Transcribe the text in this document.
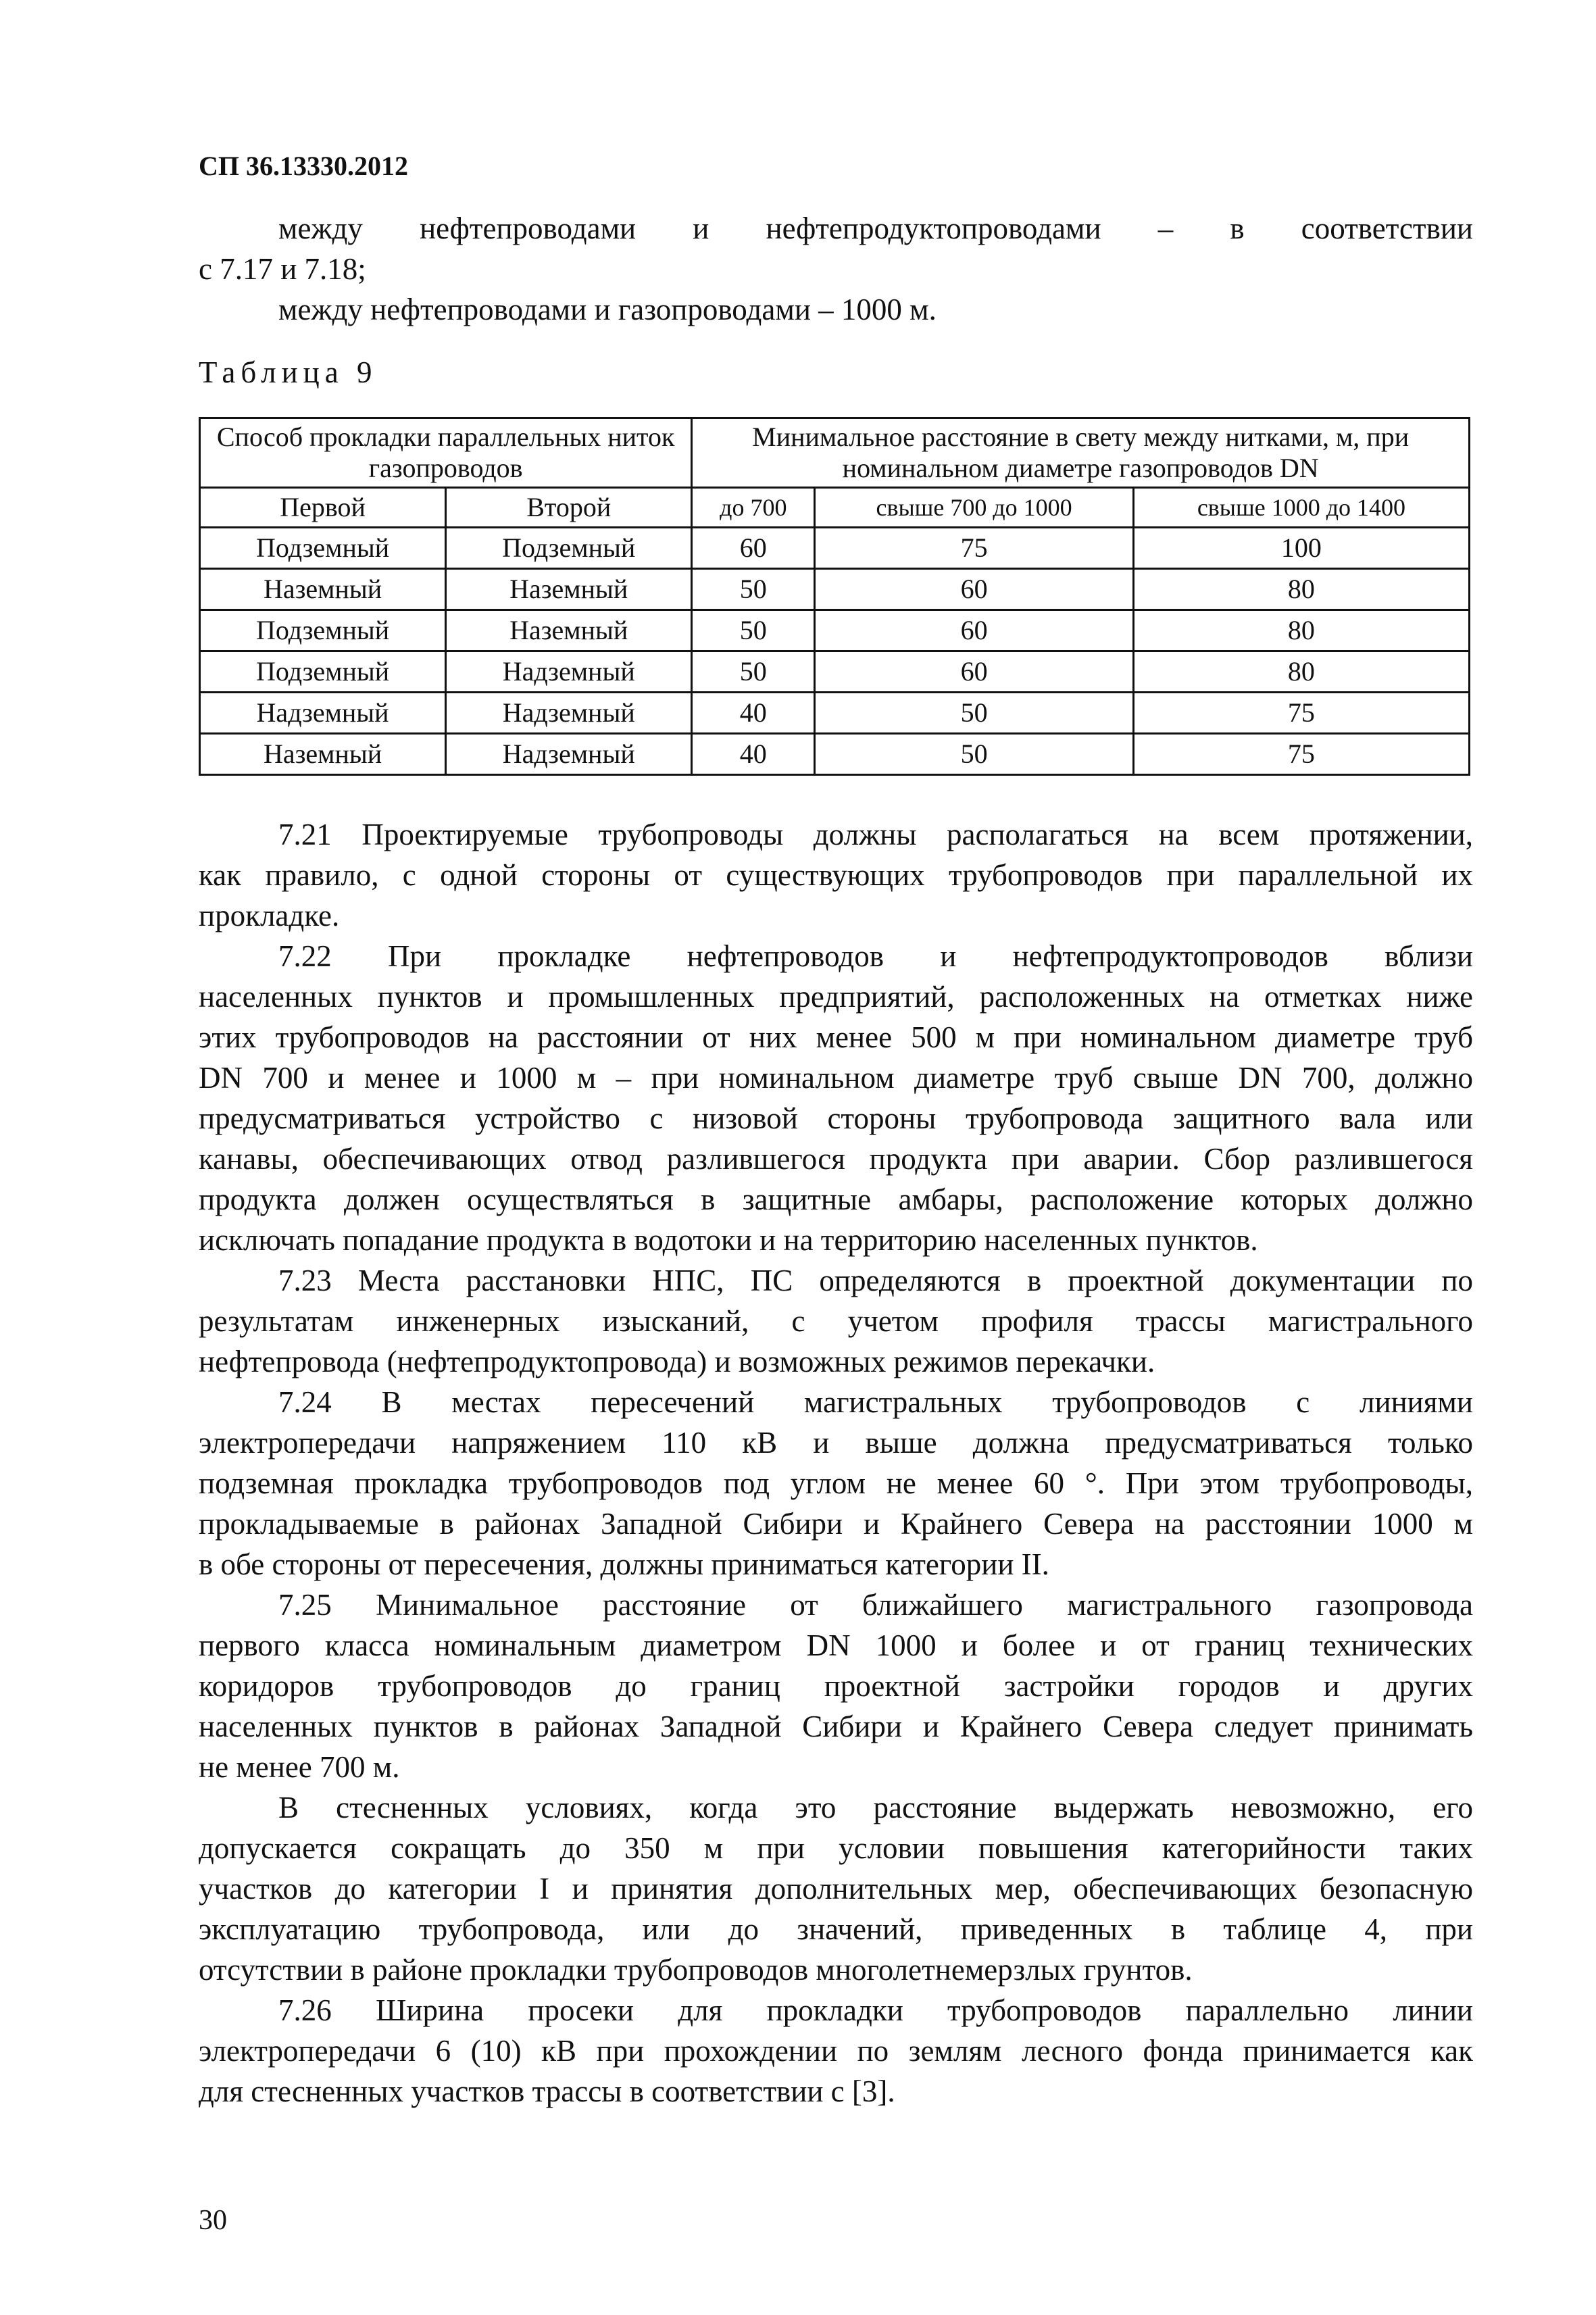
СП 36.13330.2012
между нефтепроводами и нефтепродуктопроводами – в соответствии
с 7.17 и 7.18;
между нефтепроводами и газопроводами – 1000 м.
Таблица 9
Способ прокладки параллельных ниток газопроводов		Минимальное расстояние в свету между нитками, м, при номинальном диаметре газопроводов DN		
Первой	Второй	до 700	свыше 700 до 1000	свыше 1000 до 1400
Подземный	Подземный	60	75	100
Наземный	Наземный	50	60	80
Подземный	Наземный	50	60	80
Подземный	Надземный	50	60	80
Надземный	Надземный	40	50	75
Наземный	Надземный	40	50	75
7.21 Проектируемые трубопроводы должны располагаться на всем протяжении,
как правило, с одной стороны от существующих трубопроводов при параллельной их
прокладке.
7.22 При прокладке нефтепроводов и нефтепродуктопроводов вблизи
населенных пунктов и промышленных предприятий, расположенных на отметках ниже
этих трубопроводов на расстоянии от них менее 500 м при номинальном диаметре труб
DN 700 и менее и 1000 м – при номинальном диаметре труб свыше DN 700, должно
предусматриваться устройство с низовой стороны трубопровода защитного вала или
канавы, обеспечивающих отвод разлившегося продукта при аварии. Сбор разлившегося
продукта должен осуществляться в защитные амбары, расположение которых должно
исключать попадание продукта в водотоки и на территорию населенных пунктов.
7.23 Места расстановки НПС, ПС определяются в проектной документации по
результатам инженерных изысканий, с учетом профиля трассы магистрального
нефтепровода (нефтепродуктопровода) и возможных режимов перекачки.
7.24 В местах пересечений магистральных трубопроводов с линиями
электропередачи напряжением 110 кВ и выше должна предусматриваться только
подземная прокладка трубопроводов под углом не менее 60 °. При этом трубопроводы,
прокладываемые в районах Западной Сибири и Крайнего Севера на расстоянии 1000 м
в обе стороны от пересечения, должны приниматься категории II.
7.25 Минимальное расстояние от ближайшего магистрального газопровода
первого класса номинальным диаметром DN 1000 и более и от границ технических
коридоров трубопроводов до границ проектной застройки городов и других
населенных пунктов в районах Западной Сибири и Крайнего Севера следует принимать
не менее 700 м.
В стесненных условиях, когда это расстояние выдержать невозможно, его
допускается сокращать до 350 м при условии повышения категорийности таких
участков до категории I и принятия дополнительных мер, обеспечивающих безопасную
эксплуатацию трубопровода, или до значений, приведенных в таблице 4, при
отсутствии в районе прокладки трубопроводов многолетнемерзлых грунтов.
7.26 Ширина просеки для прокладки трубопроводов параллельно линии
электропередачи 6 (10) кВ при прохождении по землям лесного фонда принимается как
для стесненных участков трассы в соответствии с [3].
30
